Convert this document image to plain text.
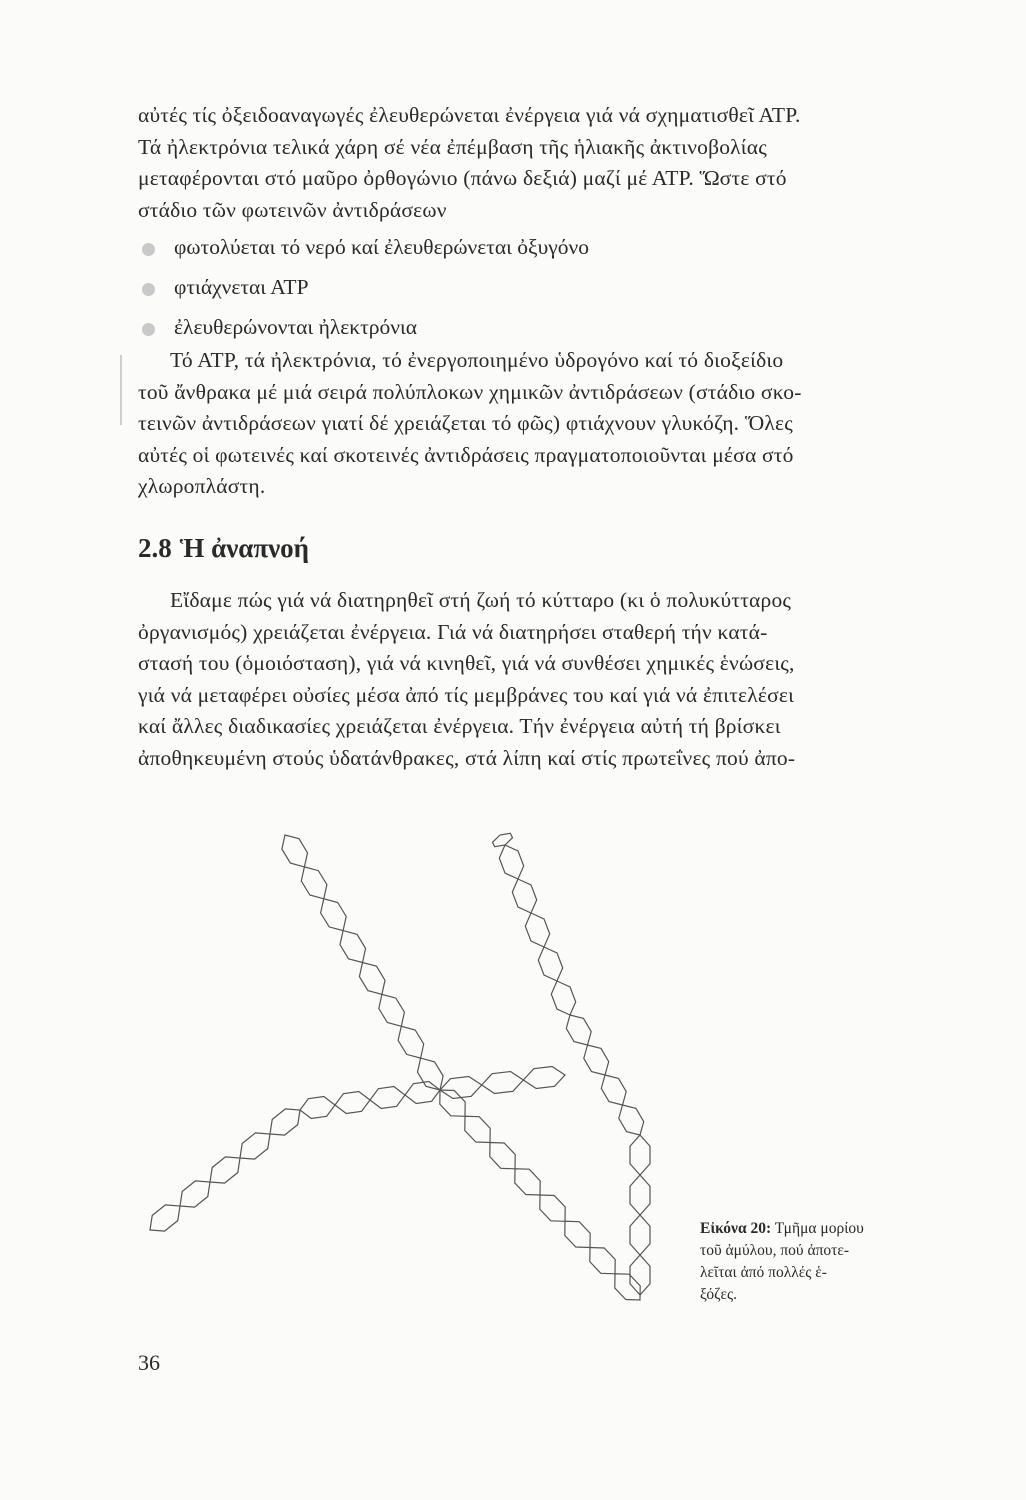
αὐτές τίς ὀξειδοαναγωγές ἐλευθερώνεται ἐνέργεια γιά νά σχηματισθεῖ ΑΤΡ.
Τά ἠλεκτρόνια τελικά χάρη σέ νέα ἐπέμβαση τῆς ἡλιακῆς ἀκτινοβολίας
μεταφέρονται στό μαῦρο ὀρθογώνιο (πάνω δεξιά) μαζί μέ ΑΤΡ. Ὥστε στό
στάδιο τῶν φωτεινῶν ἀντιδράσεων

φωτολύεται τό νερό καί ἐλευθερώνεται ὀξυγόνο
φτιάχνεται ΑΤΡ
ἐλευθερώνονται ἠλεκτρόνια

Τό ΑΤΡ, τά ἠλεκτρόνια, τό ἐνεργοποιημένο ὑδρογόνο καί τό διοξείδιο
τοῦ ἄνθρακα μέ μιά σειρά πολύπλοκων χημικῶν ἀντιδράσεων (στάδιο σκο-
τεινῶν ἀντιδράσεων γιατί δέ χρειάζεται τό φῶς) φτιάχνουν γλυκόζη. Ὅλες
αὐτές οἱ φωτεινές καί σκοτεινές ἀντιδράσεις πραγματοποιοῦνται μέσα στό
χλωροπλάστη.

2.8 Ἡ ἀναπνοή

Εἴδαμε πώς γιά νά διατηρηθεῖ στή ζωή τό κύτταρο (κι ὁ πολυκύτταρος
ὀργανισμός) χρειάζεται ἐνέργεια. Γιά νά διατηρήσει σταθερή τήν κατά-
στασή του (ὁμοιόσταση), γιά νά κινηθεῖ, γιά νά συνθέσει χημικές ἑνώσεις,
γιά νά μεταφέρει οὐσίες μέσα ἀπό τίς μεμβράνες του καί γιά νά ἐπιτελέσει
καί ἄλλες διαδικασίες χρειάζεται ἐνέργεια. Τήν ἐνέργεια αὐτή τή βρίσκει
ἀποθηκευμένη στούς ὑδατάνθρακες, στά λίπη καί στίς πρωτεΐνες πού ἀπο-

Εἰκόνα 20: Τμῆμα μορίου
τοῦ ἀμύλου, πού ἀποτε-
λεῖται ἀπό πολλές ἑ-
ξόζες.

36
